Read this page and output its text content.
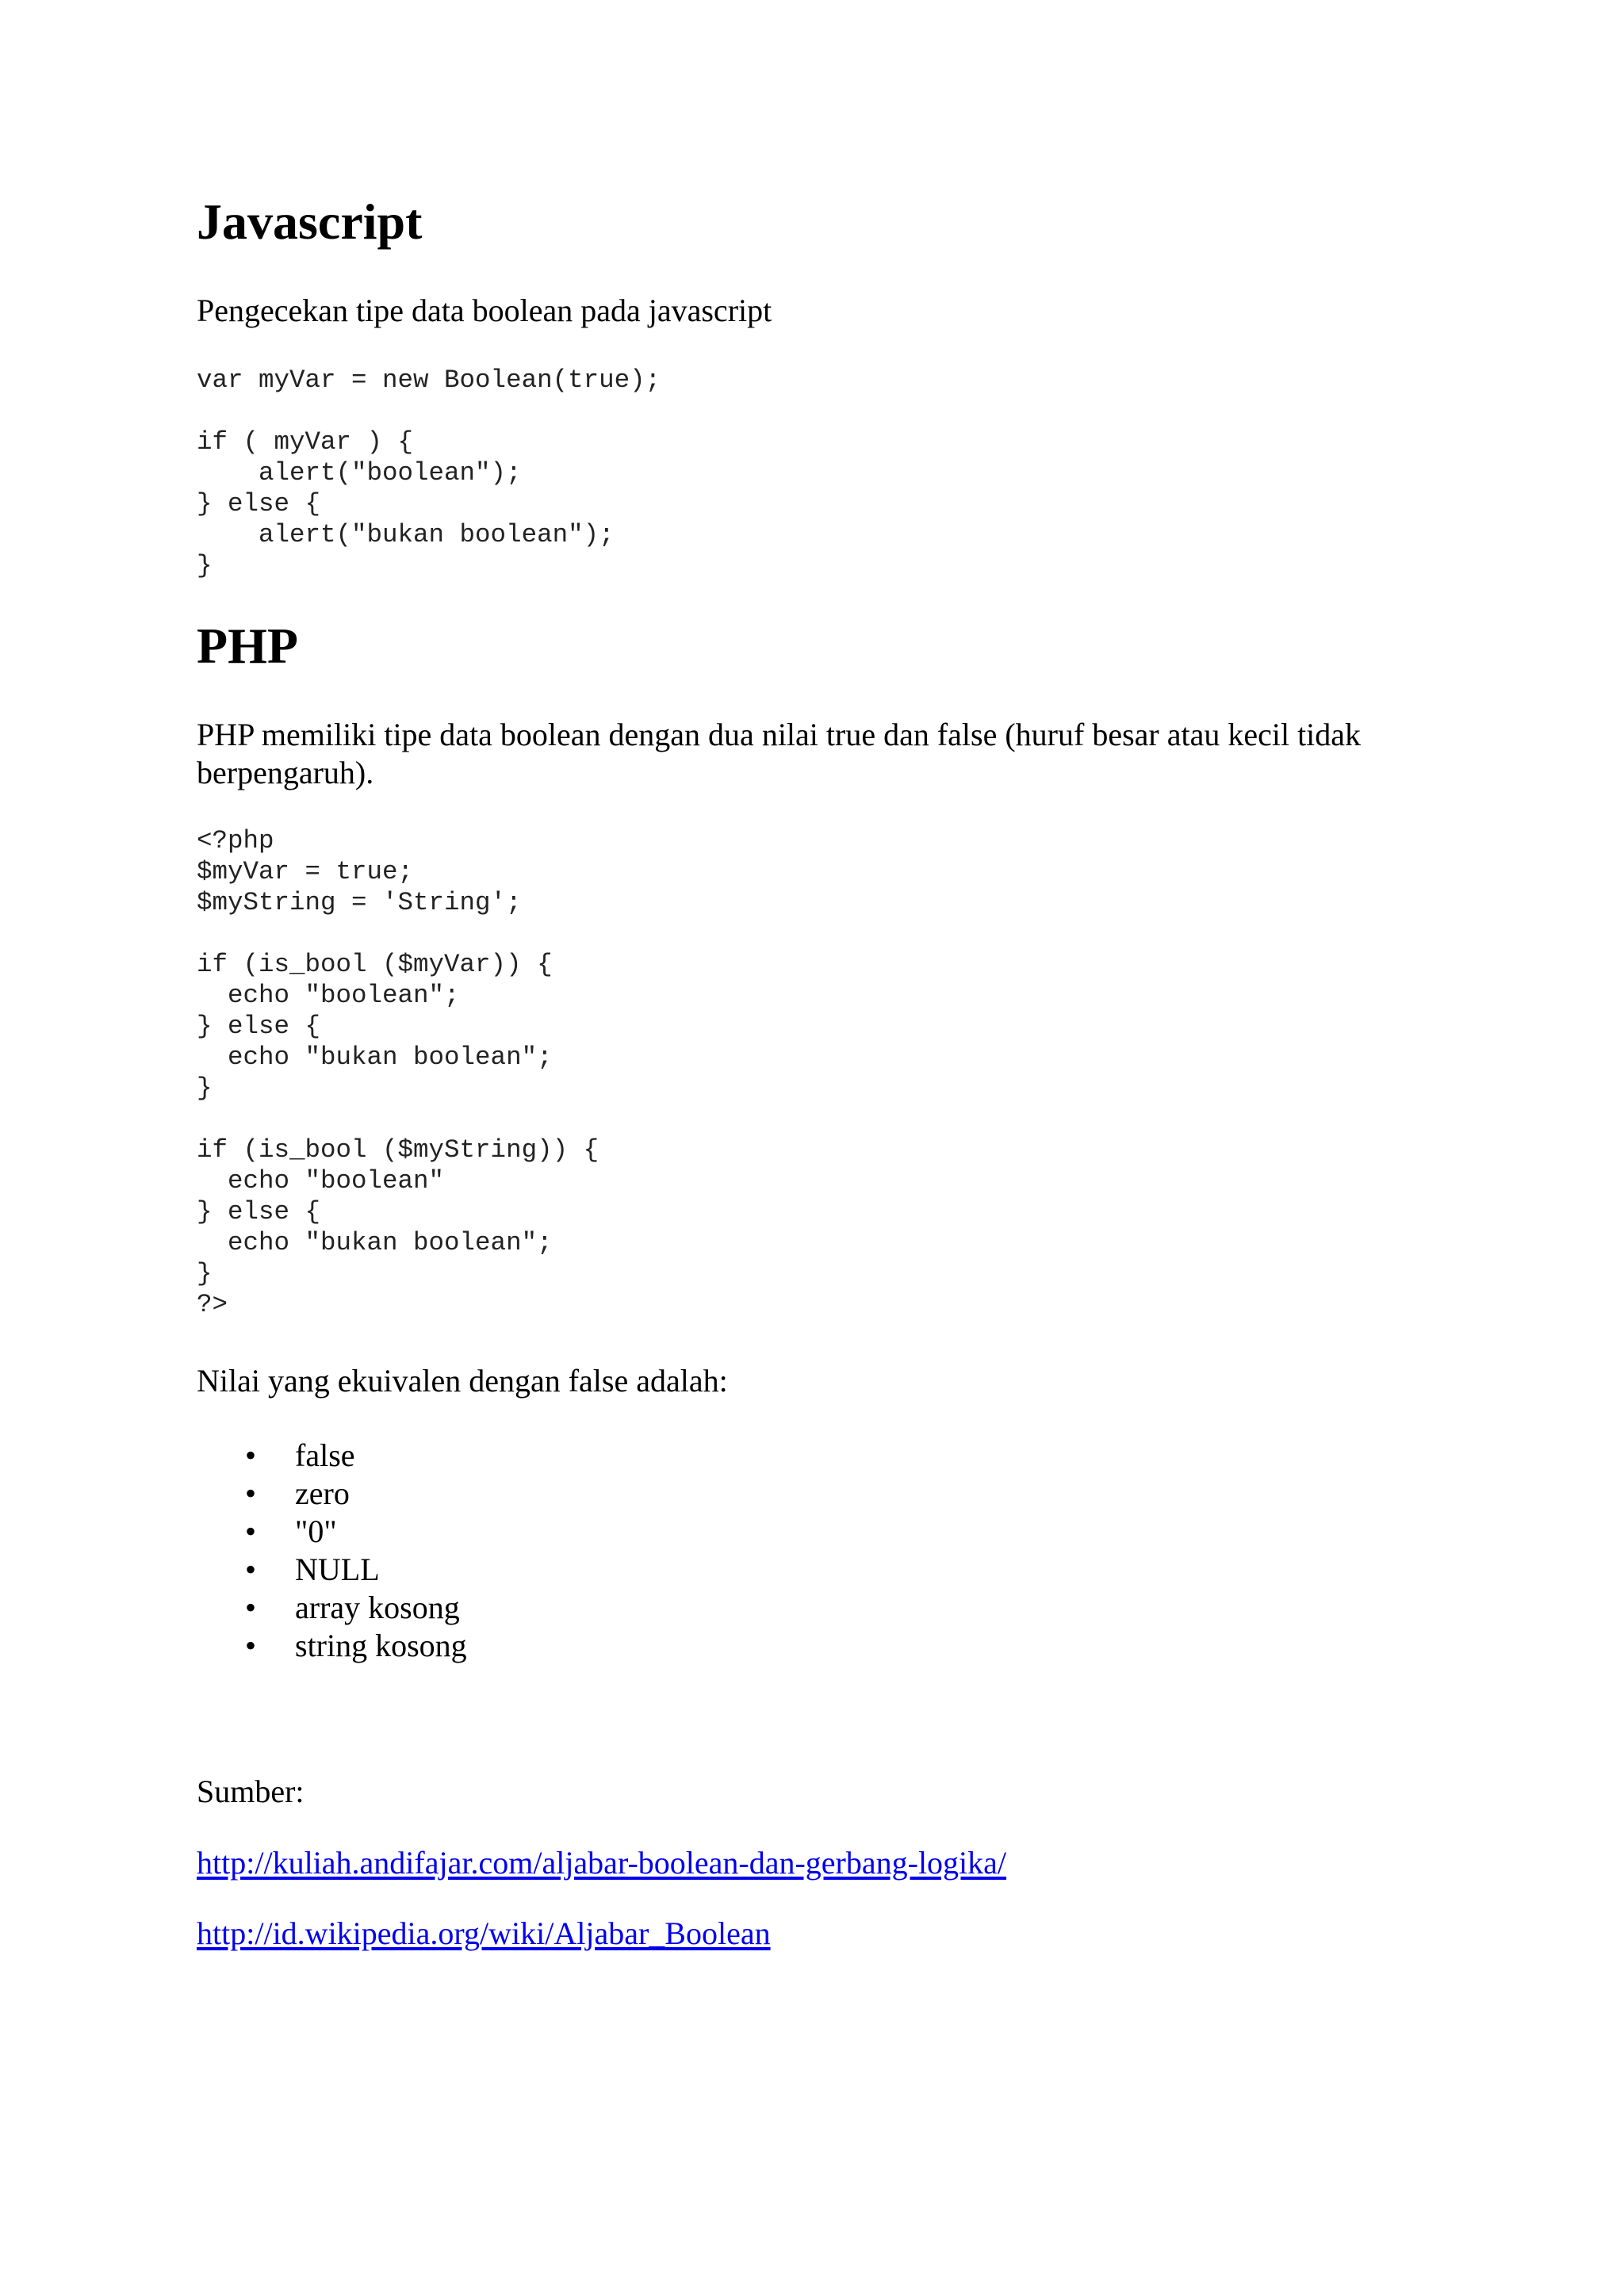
Javascript

Pengecekan tipe data boolean pada javascript

var myVar = new Boolean(true);

if ( myVar ) {
alert("boolean");
} else {
alert("bukan boolean");
}
PHP

PHP memiliki tipe data boolean dengan dua nilai true dan false (huruf besar atau kecil tidak

berpengaruh).

<?php
$myVar = true;
$myString = 'String';

if (is_bool ($myVar)) {
echo "boolean";
} else {
echo "bukan boolean";
}

if (is_bool ($myString)) {
echo "boolean"
} else {
echo "bukan boolean";
}
?>

Nilai yang ekuivalen dengan false adalah:

• false
• zero
• "0"
• NULL
• array kosong
• string kosong

Sumber:

http://kuliah.andifajar.com/aljabar-boolean-dan-gerbang-logika/

http://id.wikipedia.org/wiki/Aljabar_Boolean
